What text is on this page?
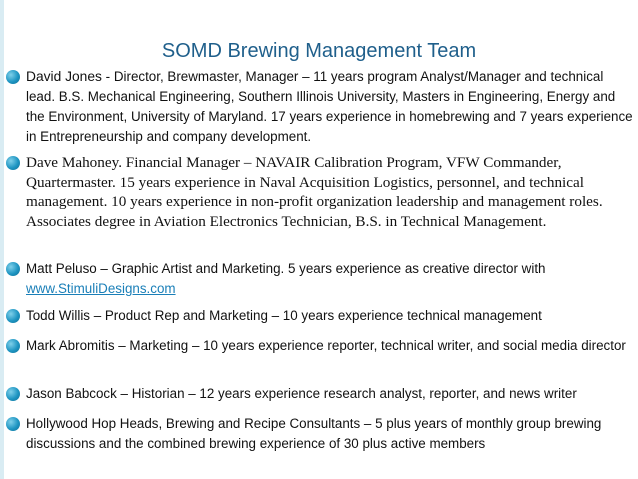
SOMD Brewing Management Team
David Jones - Director, Brewmaster, Manager – 11 years program Analyst/Manager and technical lead. B.S. Mechanical Engineering, Southern Illinois University, Masters in Engineering, Energy and the Environment, University of Maryland. 17 years experience in homebrewing and 7 years experience in Entrepreneurship and company development.
Dave Mahoney. Financial Manager – NAVAIR Calibration Program, VFW Commander, Quartermaster. 15 years experience in Naval Acquisition Logistics, personnel, and technical management. 10 years experience in non-profit organization leadership and management roles. Associates degree in Aviation Electronics Technician, B.S. in Technical Management.
Matt Peluso – Graphic Artist and Marketing. 5 years experience as creative director with www.StimuliDesigns.com
Todd Willis – Product Rep and Marketing – 10 years experience technical management
Mark Abromitis – Marketing – 10 years experience reporter, technical writer, and social media director
Jason Babcock – Historian – 12 years experience research analyst, reporter, and news writer
Hollywood Hop Heads, Brewing and Recipe Consultants – 5 plus years of monthly group brewing discussions and the combined brewing experience of 30 plus active members
